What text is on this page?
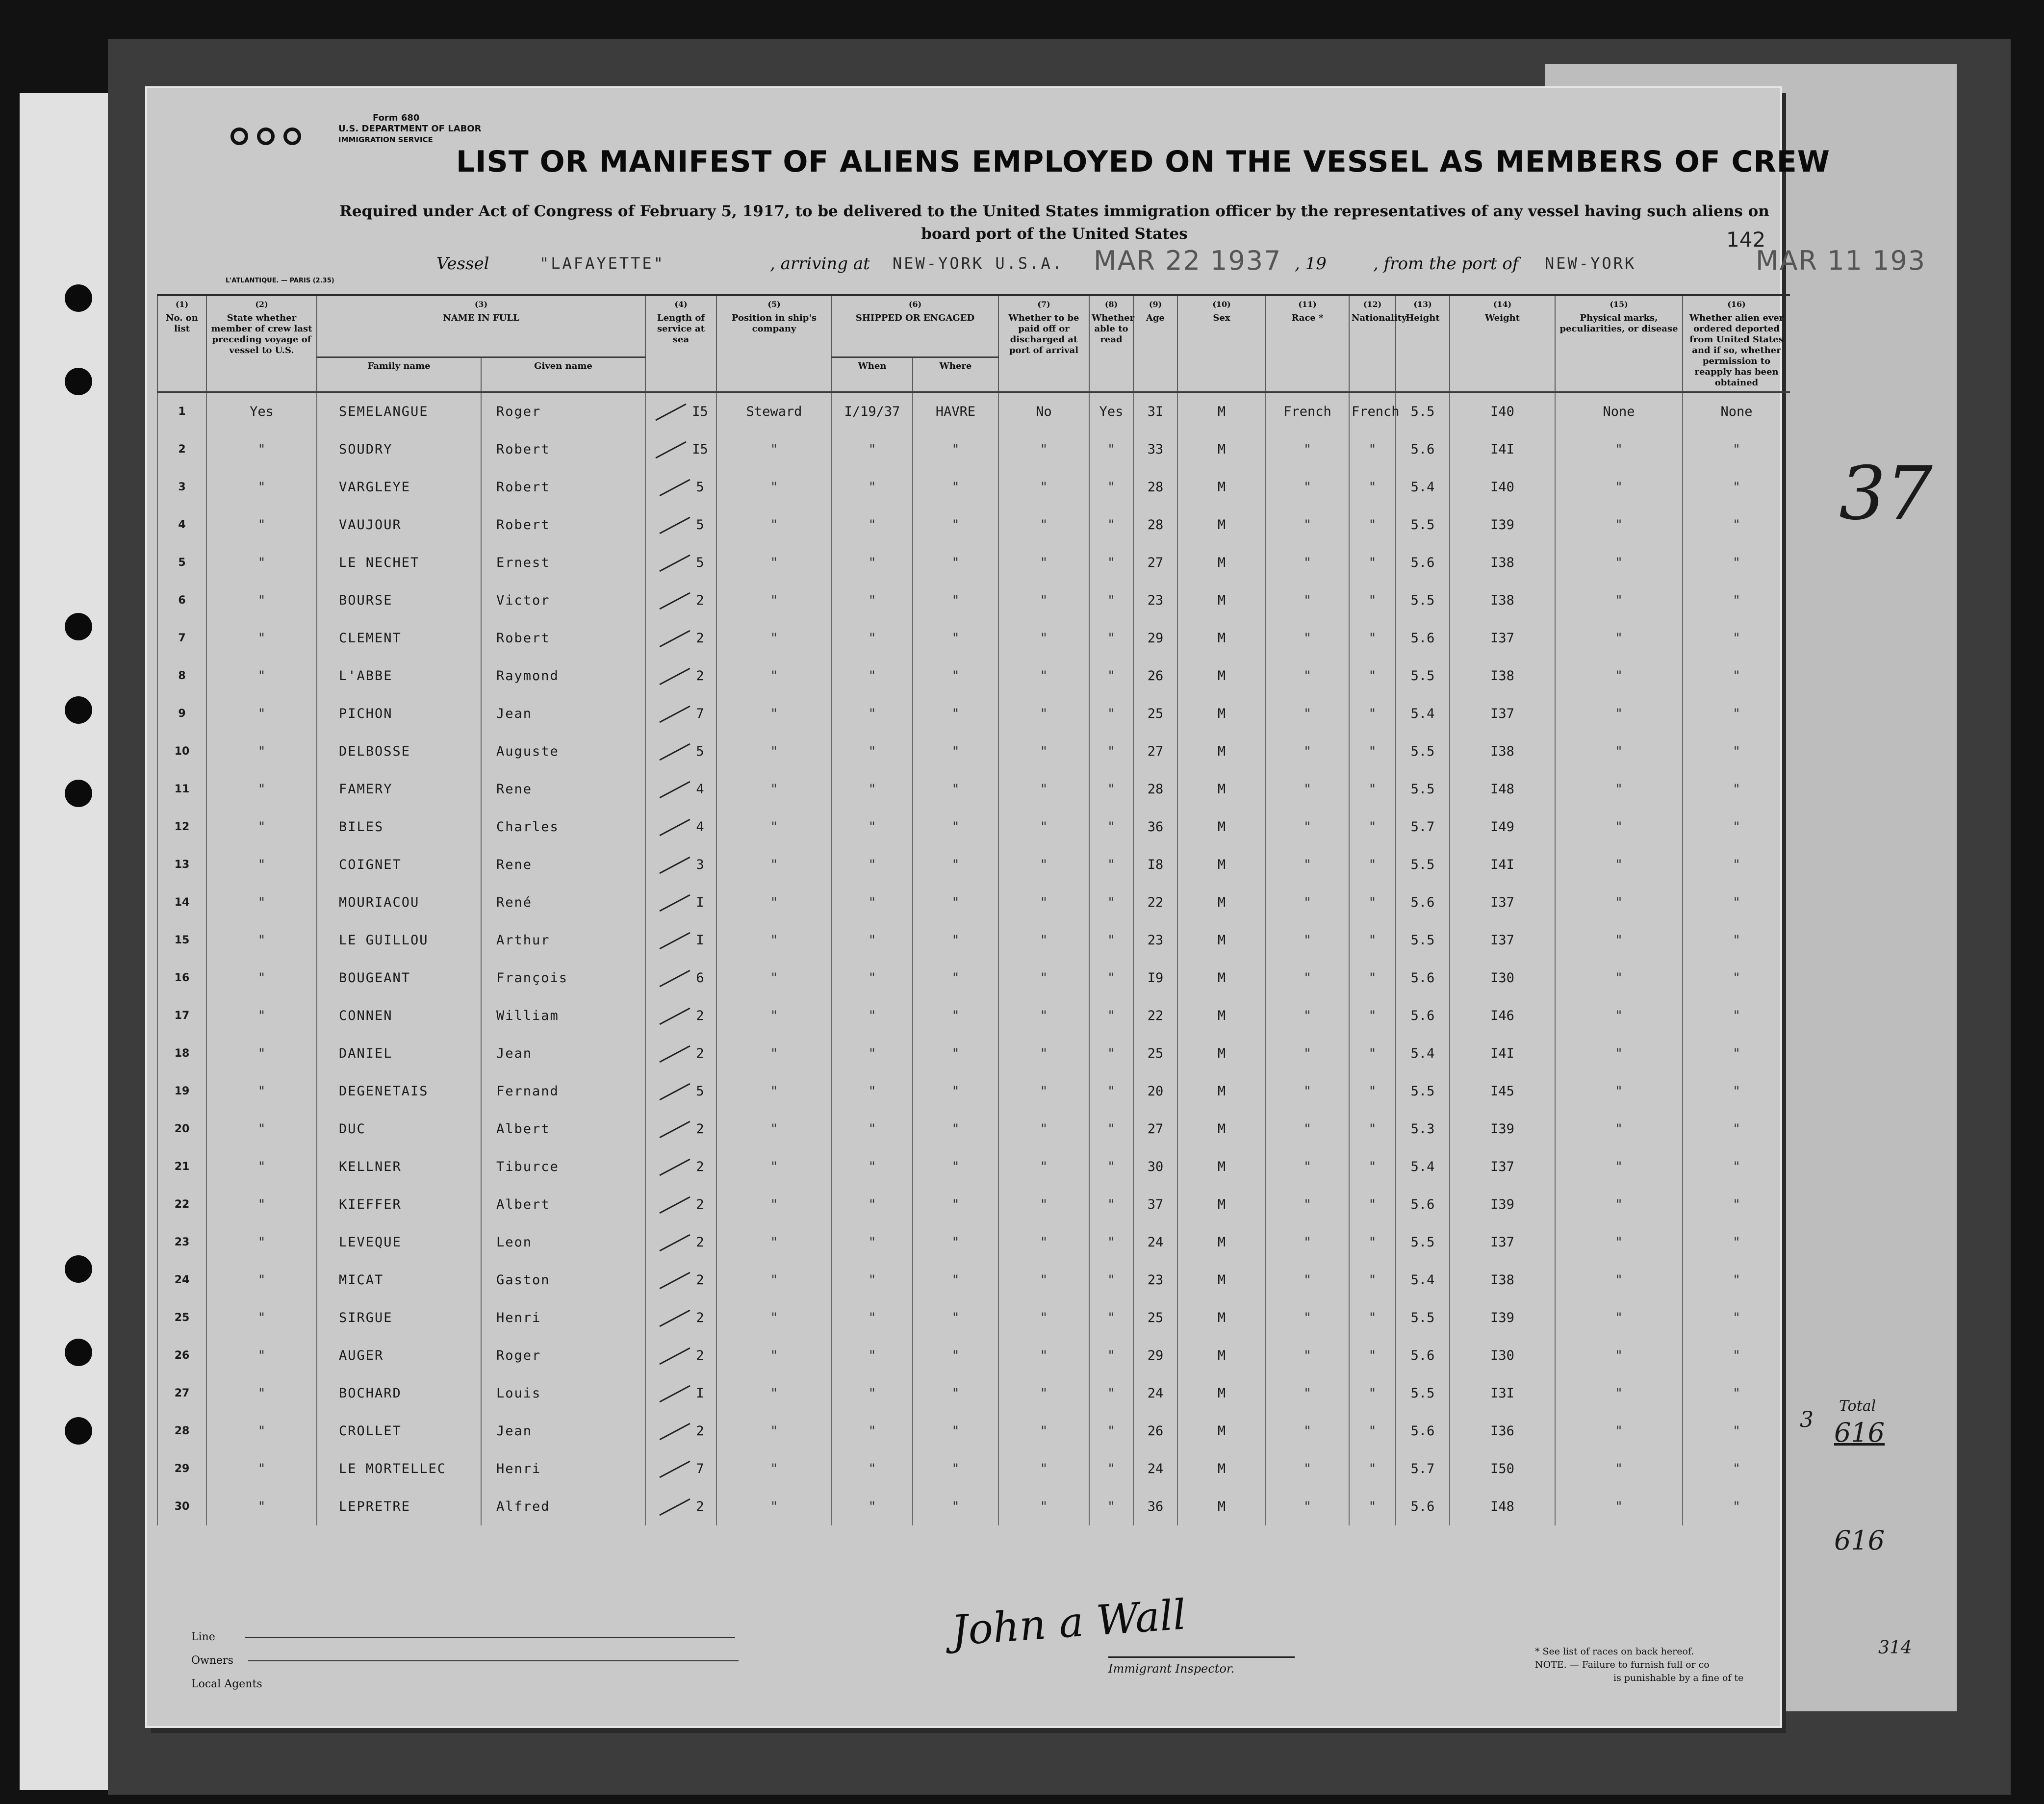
37
3
Total
616
616
314
Form 680
U.S. DEPARTMENT OF LABOR
IMMIGRATION SERVICE
LIST OR MANIFEST OF ALIENS EMPLOYED ON THE VESSEL AS MEMBERS OF CREW
Required under Act of Congress of February 5, 1917, to be delivered to the United States immigration officer by the representatives of any vessel having such aliens on board port of the United States
L'ATLANTIQUE. — PARIS (2.35)
Vessel	"LAFAYETTE"	, arriving at NEW-YORK U.S.A. MAR 22 1937 , 19	, from the port of NEW-YORK
142
MAR 11 193
(1)
No. on list	(2)
State whether member of crew last preceding voyage of vessel to U.S.	(3)
NAME IN FULL		(4)
Length of service at sea	(5)
Position in ship's company	(6)
SHIPPED OR ENGAGED		(7)
Whether to be paid off or discharged at port of arrival	(8)
Whether able to read	(9)
Age	(10)
Sex	(11)
Race *	(12)
Nationality	(13)
Height	(14)
Weight	(15)
Physical marks, peculiarities, or disease	(16)
Whether alien ever ordered deported from United States and if so, whether permission to reapply has been obtained
		Family name	Given name			When	Where										
1	Yes	SEMELANGUE	Roger	I5	Steward	I/19/37	HAVRE	No	Yes	3I	M	French	French	5.5	I40	None	None
2	"	SOUDRY	Robert	I5	"	"	"	"	"	33	M	"	"	5.6	I4I	"	"
3	"	VARGLEYE	Robert	5	"	"	"	"	"	28	M	"	"	5.4	I40	"	"
4	"	VAUJOUR	Robert	5	"	"	"	"	"	28	M	"	"	5.5	I39	"	"
5	"	LE NECHET	Ernest	5	"	"	"	"	"	27	M	"	"	5.6	I38	"	"
6	"	BOURSE	Victor	2	"	"	"	"	"	23	M	"	"	5.5	I38	"	"
7	"	CLEMENT	Robert	2	"	"	"	"	"	29	M	"	"	5.6	I37	"	"
8	"	L'ABBE	Raymond	2	"	"	"	"	"	26	M	"	"	5.5	I38	"	"
9	"	PICHON	Jean	7	"	"	"	"	"	25	M	"	"	5.4	I37	"	"
10	"	DELBOSSE	Auguste	5	"	"	"	"	"	27	M	"	"	5.5	I38	"	"
11	"	FAMERY	Rene	4	"	"	"	"	"	28	M	"	"	5.5	I48	"	"
12	"	BILES	Charles	4	"	"	"	"	"	36	M	"	"	5.7	I49	"	"
13	"	COIGNET	Rene	3	"	"	"	"	"	I8	M	"	"	5.5	I4I	"	"
14	"	MOURIACOU	René	I	"	"	"	"	"	22	M	"	"	5.6	I37	"	"
15	"	LE GUILLOU	Arthur	I	"	"	"	"	"	23	M	"	"	5.5	I37	"	"
16	"	BOUGEANT	François	6	"	"	"	"	"	I9	M	"	"	5.6	I30	"	"
17	"	CONNEN	William	2	"	"	"	"	"	22	M	"	"	5.6	I46	"	"
18	"	DANIEL	Jean	2	"	"	"	"	"	25	M	"	"	5.4	I4I	"	"
19	"	DEGENETAIS	Fernand	5	"	"	"	"	"	20	M	"	"	5.5	I45	"	"
20	"	DUC	Albert	2	"	"	"	"	"	27	M	"	"	5.3	I39	"	"
21	"	KELLNER	Tiburce	2	"	"	"	"	"	30	M	"	"	5.4	I37	"	"
22	"	KIEFFER	Albert	2	"	"	"	"	"	37	M	"	"	5.6	I39	"	"
23	"	LEVEQUE	Leon	2	"	"	"	"	"	24	M	"	"	5.5	I37	"	"
24	"	MICAT	Gaston	2	"	"	"	"	"	23	M	"	"	5.4	I38	"	"
25	"	SIRGUE	Henri	2	"	"	"	"	"	25	M	"	"	5.5	I39	"	"
26	"	AUGER	Roger	2	"	"	"	"	"	29	M	"	"	5.6	I30	"	"
27	"	BOCHARD	Louis	I	"	"	"	"	"	24	M	"	"	5.5	I3I	"	"
28	"	CROLLET	Jean	2	"	"	"	"	"	26	M	"	"	5.6	I36	"	"
29	"	LE MORTELLEC	Henri	7	"	"	"	"	"	24	M	"	"	5.7	I50	"	"
30	"	LEPRETRE	Alfred	2	"	"	"	"	"	36	M	"	"	5.6	I48	"	"
Line
Owners
Local Agents
John a Wall
Immigrant Inspector.
* See list of races on back hereof.
NOTE. — Failure to furnish full or co
is punishable by a fine of te
